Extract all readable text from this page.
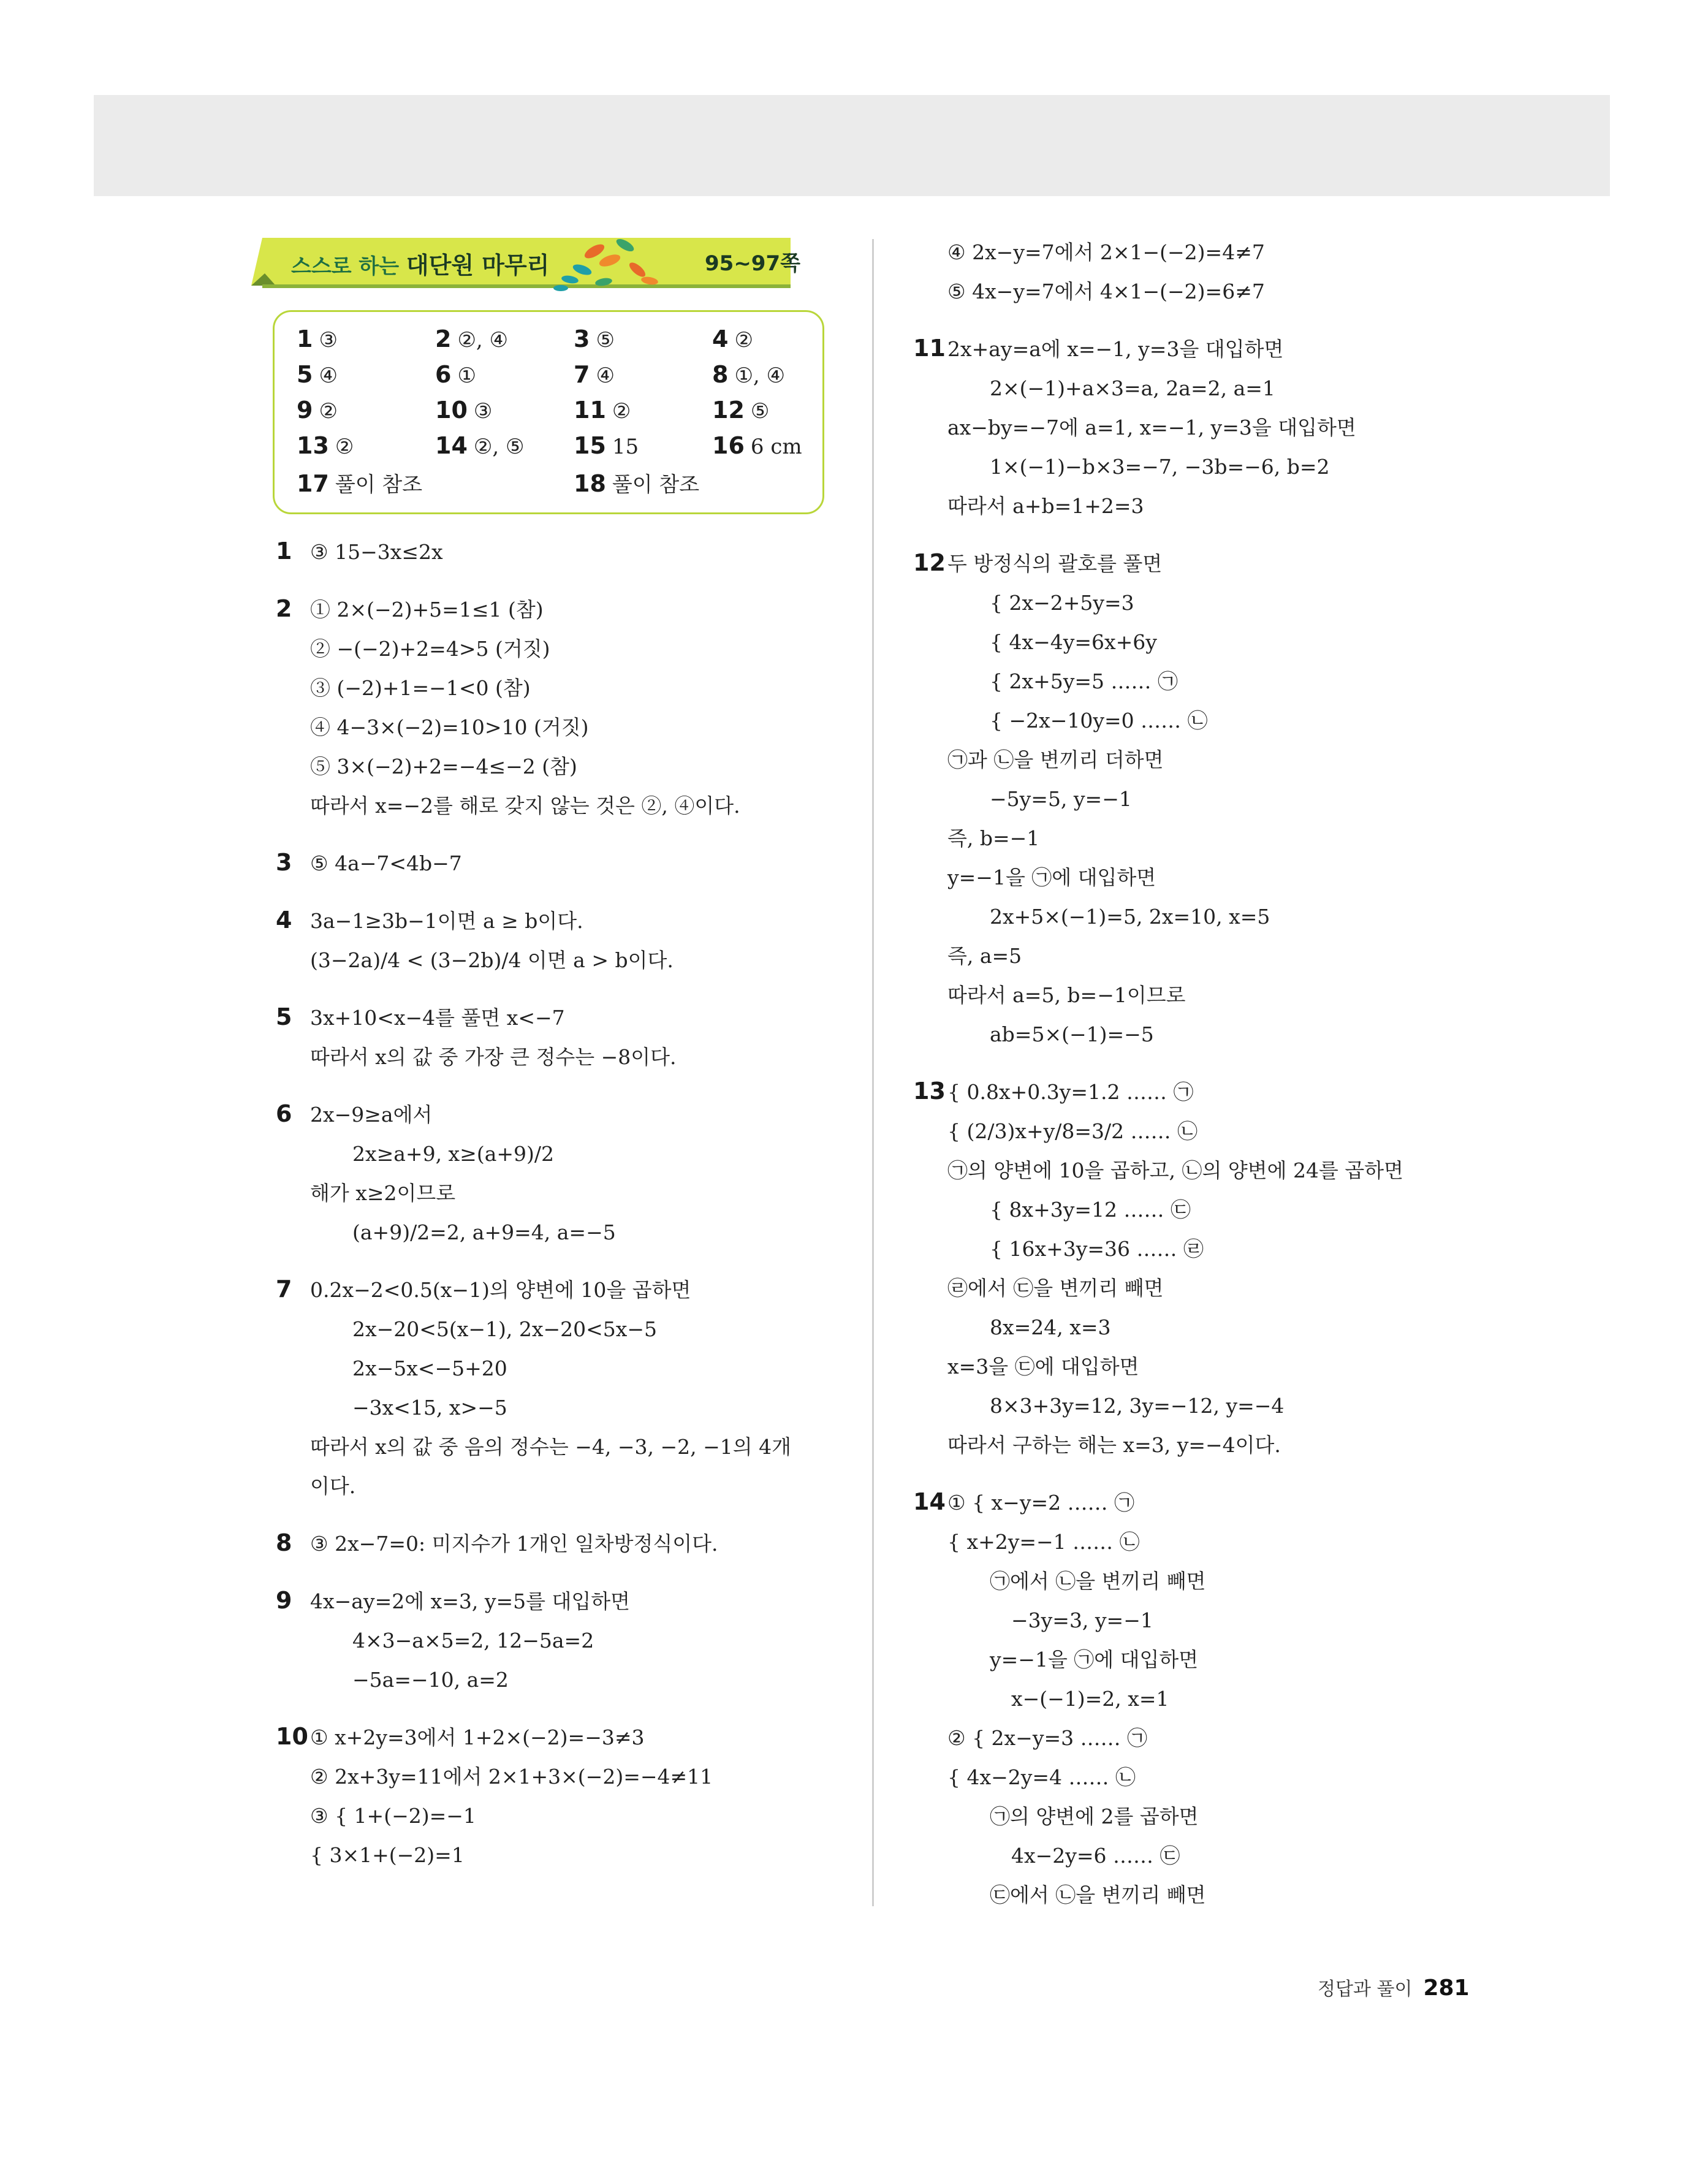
스스로 하는 대단원 마무리	95~97쪽
1 ③	2 ②, ④	3 ⑤	4 ②
5 ④	6 ①	7 ④	8 ①, ④
9 ②	10 ③	11 ②	12 ⑤
13 ②	14 ②, ⑤	15 15	16 6 cm
17 풀이 참조	18 풀이 참조
1 ③ 15−3x≤2x
2 ① 2×(−2)+5=1≤1 (참)
② −(−2)+2=4>5 (거짓)
③ (−2)+1=−1<0 (참)
④ 4−3×(−2)=10>10 (거짓)
⑤ 3×(−2)+2=−4≤−2 (참)
따라서 x=−2를 해로 갖지 않는 것은 ②, ④이다.
3 ⑤ 4a−7<4b−7
4 3a−1≥3b−1이면 a ≥ b이다.
(3−2a)/4 < (3−2b)/4 이면 a > b이다.
5 3x+10<x−4를 풀면 x<−7
따라서 x의 값 중 가장 큰 정수는 −8이다.
6 2x−9≥a에서
2x≥a+9, x≥(a+9)/2
해가 x≥2이므로
(a+9)/2=2, a+9=4, a=−5
7 0.2x−2<0.5(x−1)의 양변에 10을 곱하면
2x−20<5(x−1), 2x−20<5x−5
2x−5x<−5+20
−3x<15, x>−5
따라서 x의 값 중 음의 정수는 −4, −3, −2, −1의 4개
이다.
8 ③ 2x−7=0: 미지수가 1개인 일차방정식이다.
9 4x−ay=2에 x=3, y=5를 대입하면
4×3−a×5=2, 12−5a=2
−5a=−10, a=2
10① x+2y=3에서 1+2×(−2)=−3≠3
② 2x+3y=11에서 2×1+3×(−2)=−4≠11
③ { 1+(−2)=−1
{ 3×1+(−2)=1
④ 2x−y=7에서 2×1−(−2)=4≠7
⑤ 4x−y=7에서 4×1−(−2)=6≠7
112x+ay=a에 x=−1, y=3을 대입하면
2×(−1)+a×3=a, 2a=2, a=1
ax−by=−7에 a=1, x=−1, y=3을 대입하면
1×(−1)−b×3=−7, −3b=−6, b=2
따라서 a+b=1+2=3
12두 방정식의 괄호를 풀면
{ 2x−2+5y=3
{ 4x−4y=6x+6y
{ 2x+5y=5 …… ㉠
{ −2x−10y=0 …… ㉡
㉠과 ㉡을 변끼리 더하면
−5y=5, y=−1
즉, b=−1
y=−1을 ㉠에 대입하면
2x+5×(−1)=5, 2x=10, x=5
즉, a=5
따라서 a=5, b=−1이므로
ab=5×(−1)=−5
13{ 0.8x+0.3y=1.2 …… ㉠
{ (2/3)x+y/8=3/2 …… ㉡
㉠의 양변에 10을 곱하고, ㉡의 양변에 24를 곱하면
{ 8x+3y=12 …… ㉢
{ 16x+3y=36 …… ㉣
㉣에서 ㉢을 변끼리 빼면
8x=24, x=3
x=3을 ㉢에 대입하면
8×3+3y=12, 3y=−12, y=−4
따라서 구하는 해는 x=3, y=−4이다.
14① { x−y=2 …… ㉠
{ x+2y=−1 …… ㉡
㉠에서 ㉡을 변끼리 빼면
−3y=3, y=−1
y=−1을 ㉠에 대입하면
x−(−1)=2, x=1
② { 2x−y=3 …… ㉠
{ 4x−2y=4 …… ㉡
㉠의 양변에 2를 곱하면
4x−2y=6 …… ㉢
㉢에서 ㉡을 변끼리 빼면
정답과 풀이 281
